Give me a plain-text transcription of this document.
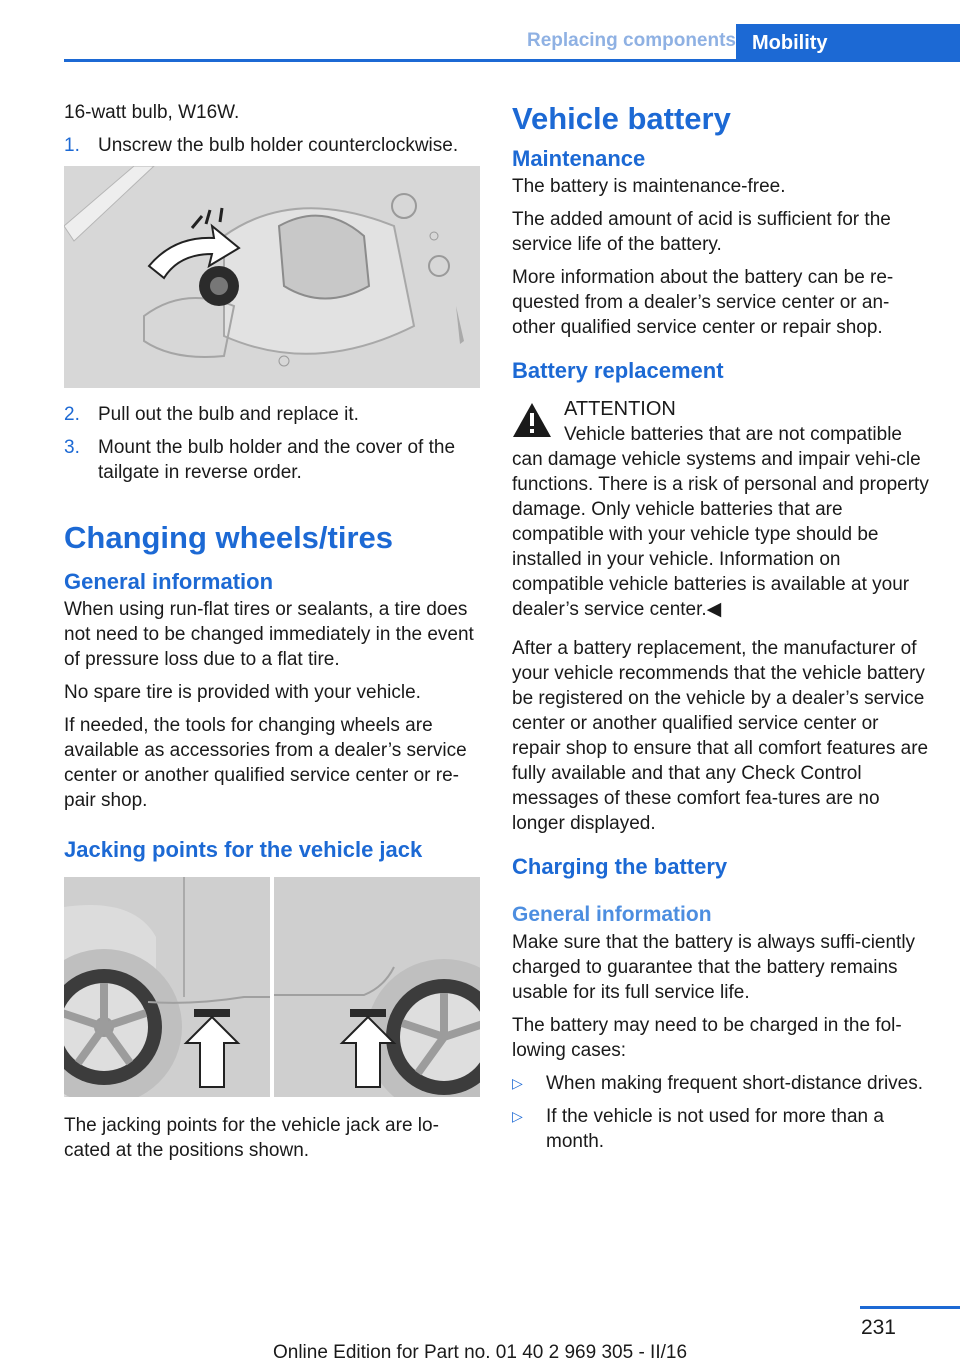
Replacing components Mobility

16-watt bulb, W16W.

1. Unscrew the bulb holder counterclockwise.
2. Pull out the bulb and replace it.
3. Mount the bulb holder and the cover of the tailgate in reverse order.
Changing wheels/tires
General information

When using run-flat tires or sealants, a tire does not need to be changed immediately in the event of pressure loss due to a flat tire.

No spare tire is provided with your vehicle.

If needed, the tools for changing wheels are available as accessories from a dealer’s service center or another qualified service center or re‐pair shop.

Jacking points for the vehicle jack

The jacking points for the vehicle jack are lo‐cated at the positions shown.

Vehicle battery
Maintenance

The battery is maintenance-free.

The added amount of acid is sufficient for the service life of the battery.

More information about the battery can be re‐quested from a dealer’s service center or an‐other qualified service center or repair shop.

Battery replacement
ATTENTION

Vehicle batteries that are not compatible can damage vehicle systems and impair vehi‐cle functions. There is a risk of personal and property damage. Only vehicle batteries that are compatible with your vehicle type should be installed in your vehicle. Information on compatible vehicle batteries is available at your dealer’s service center.◀

After a battery replacement, the manufacturer of your vehicle recommends that the vehicle battery be registered on the vehicle by a dealer’s service center or another qualified service center or repair shop to ensure that all comfort features are fully available and that any Check Control messages of these comfort fea‐tures are no longer displayed.

Charging the battery
General information

Make sure that the battery is always suffi‐ciently charged to guarantee that the battery remains usable for its full service life.

The battery may need to be charged in the fol‐lowing cases:

▷	When making frequent short-distance drives.
▷	If the vehicle is not used for more than a month.
231
Online Edition for Part no. 01 40 2 969 305 - II/16
